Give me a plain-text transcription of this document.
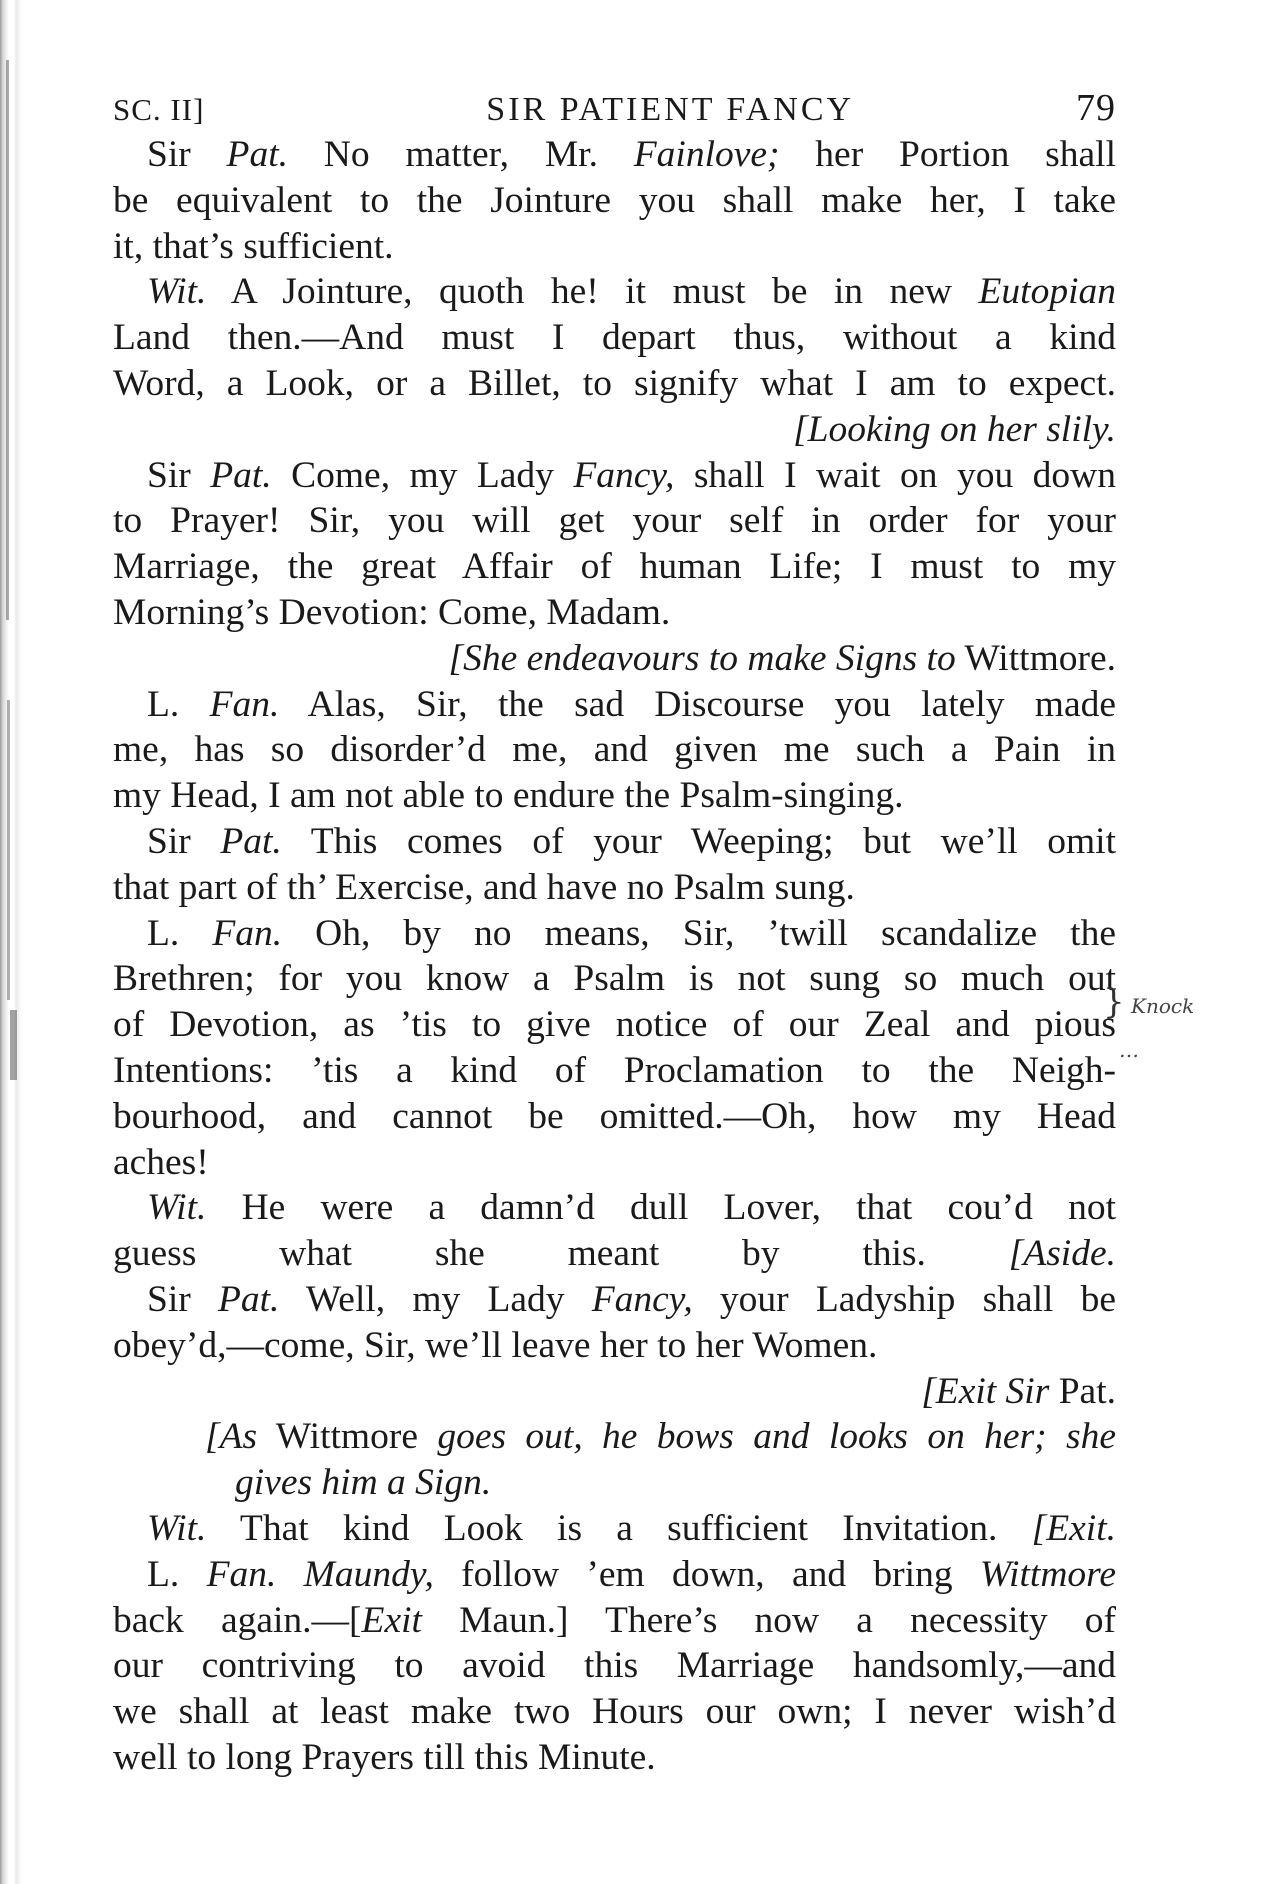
SC. II]	SIR PATIENT FANCY	79
Sir Pat. No matter, Mr. Fainlove; her Portion shall
be equivalent to the Jointure you shall make her, I take
it, that’s sufficient.
Wit. A Jointure, quoth he! it must be in new Eutopian
Land then.—And must I depart thus, without a kind
Word, a Look, or a Billet, to signify what I am to expect.
[Looking on her slily.
Sir Pat. Come, my Lady Fancy, shall I wait on you down
to Prayer! Sir, you will get your self in order for your
Marriage, the great Affair of human Life; I must to my
Morning’s Devotion: Come, Madam.
[She endeavours to make Signs to Wittmore.
L. Fan. Alas, Sir, the sad Discourse you lately made
me, has so disorder’d me, and given me such a Pain in
my Head, I am not able to endure the Psalm-singing.
Sir Pat. This comes of your Weeping; but we’ll omit
that part of th’ Exercise, and have no Psalm sung.
L. Fan. Oh, by no means, Sir, ’twill scandalize the
Brethren; for you know a Psalm is not sung so much out
of Devotion, as ’tis to give notice of our Zeal and pious
Intentions: ’tis a kind of Proclamation to the Neigh-
bourhood, and cannot be omitted.—Oh, how my Head
aches!
Wit. He were a damn’d dull Lover, that cou’d not
guess what she meant by this. [Aside.
Sir Pat. Well, my Lady Fancy, your Ladyship shall be
obey’d,—come, Sir, we’ll leave her to her Women.
[Exit Sir Pat.
[As Wittmore goes out, he bows and looks on her; she
gives him a Sign.
Wit. That kind Look is a sufficient Invitation. [Exit.
L. Fan. Maundy, follow ’em down, and bring Wittmore
back again.—[Exit Maun.] There’s now a necessity of
our contriving to avoid this Marriage handsomly,—and
we shall at least make two Hours our own; I never wish’d
well to long Prayers till this Minute.
} Knock
…
